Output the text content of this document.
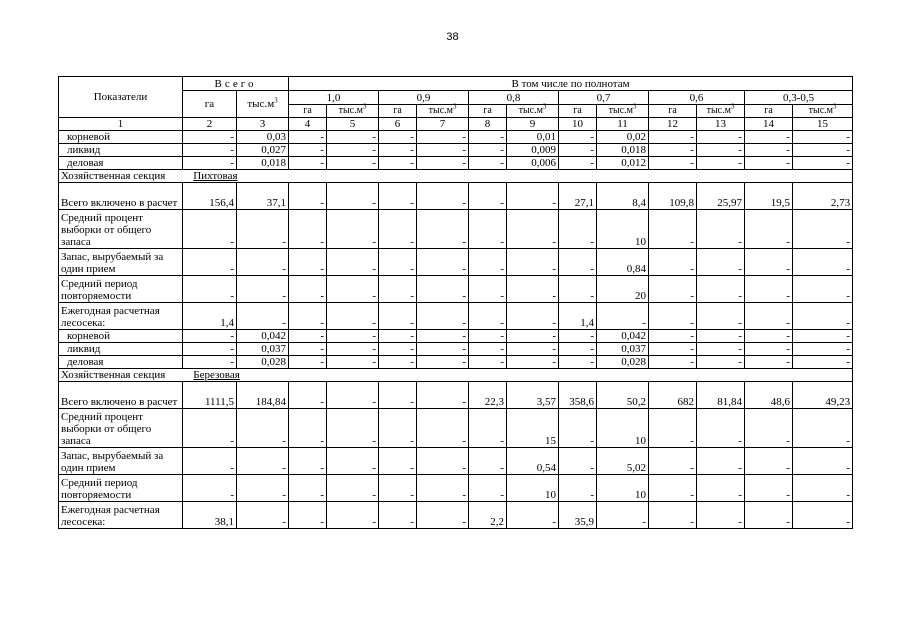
38
Показатели	Всего		В том числе по полнотам											
	га	$тыс.м^3$	1,0		0,9		0,8		0,7		0,6		0,3-0,5	
			га	$тыс.м^3$	га	$тыс.м^3$	га	$тыс.м^3$	га	$тыс.м^3$	га	$тыс.м^3$	га	$тыс.м^3$
1	2	3	4	5	6	7	8	9	10	11	12	13	14	15
корневой	-	0,03	-	-	-	-	-	0,01	-	0,02	-	-	-	-
ликвид	-	0,027	-	-	-	-	-	0,009	-	0,018	-	-	-	-
деловая	-	0,018	-	-	-	-	-	0,006	-	0,012	-	-	-	-
Хозяйственная секция Пихтовая														
Всего включено в расчет	156,4	37,1	-	-	-	-	-	-	27,1	8,4	109,8	25,97	19,5	2,73
Средний процент выборки от общего запаса	-	-	-	-	-	-	-	-	-	10	-	-	-	-
Запас, вырубаемый за один прием	-	-	-	-	-	-	-	-	-	0,84	-	-	-	-
Средний период повторяемости	-	-	-	-	-	-	-	-	-	20	-	-	-	-
Ежегодная расчетная лесосека:	1,4	-	-	-	-	-	-	-	1,4	-	-	-	-	-
корневой	-	0,042	-	-	-	-	-	-	-	0,042	-	-	-	-
ликвид	-	0,037	-	-	-	-	-	-	-	0,037	-	-	-	-
деловая	-	0,028	-	-	-	-	-	-	-	0,028	-	-	-	-
Хозяйственная секция Березовая														
Всего включено в расчет	1111,5	184,84	-	-	-	-	22,3	3,57	358,6	50,2	682	81,84	48,6	49,23
Средний процент выборки от общего запаса	-	-	-	-	-	-	-	15	-	10	-	-	-	-
Запас, вырубаемый за один прием	-	-	-	-	-	-	-	0,54	-	5,02	-	-	-	-
Средний период повторяемости	-	-	-	-	-	-	-	10	-	10	-	-	-	-
Ежегодная расчетная лесосека:	38,1	-	-	-	-	-	2,2	-	35,9	-	-	-	-	-
